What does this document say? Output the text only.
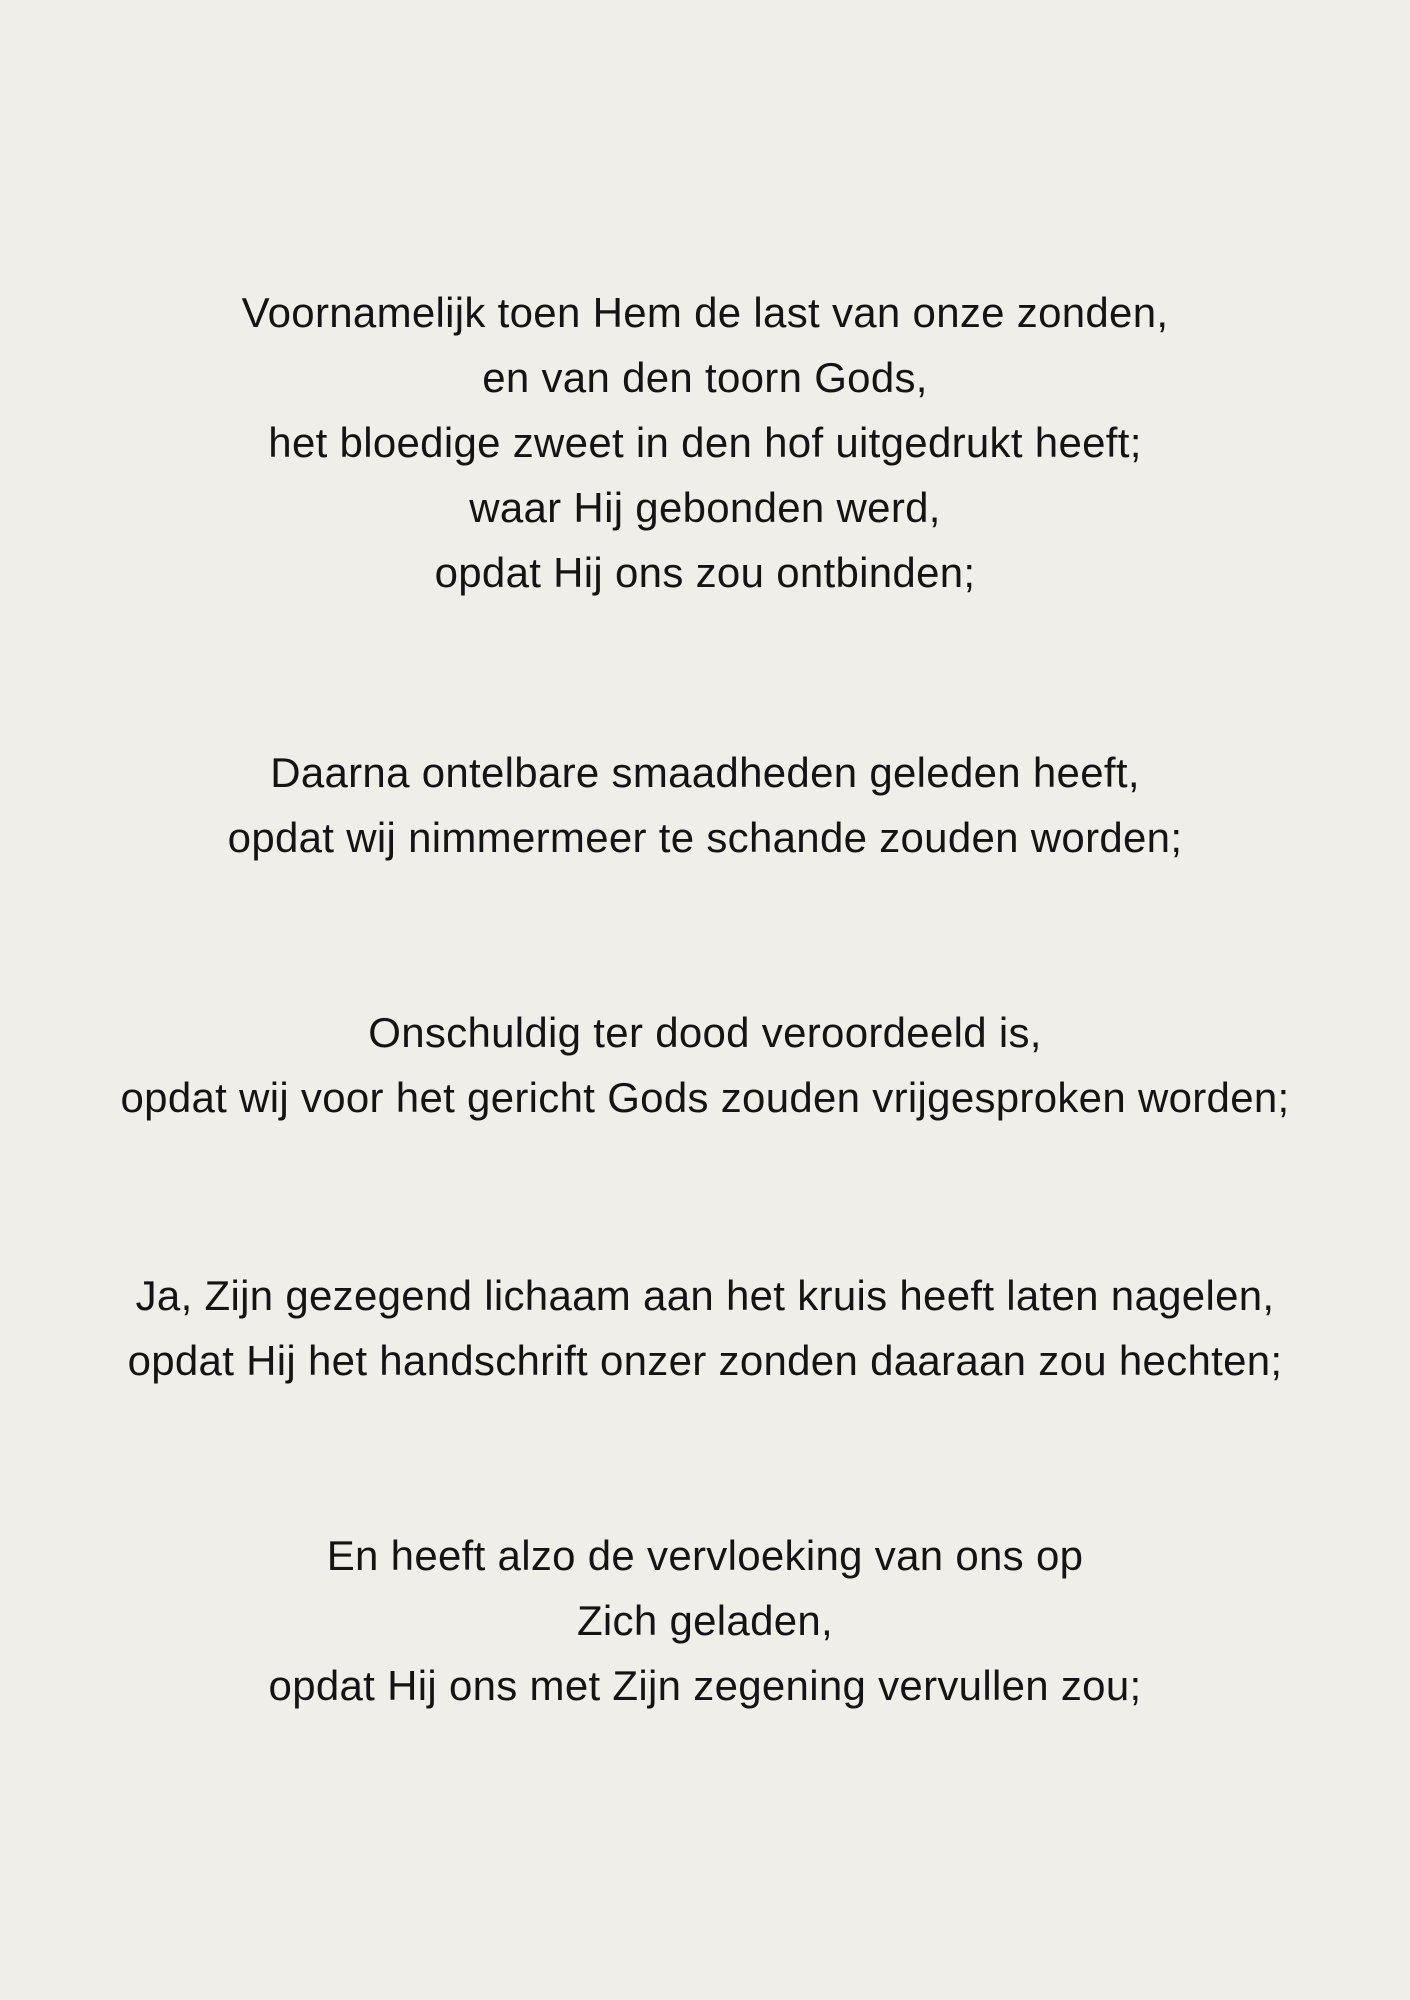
Voornamelijk toen Hem de last van onze zonden,
en van den toorn Gods,
het bloedige zweet in den hof uitgedrukt heeft;
waar Hij gebonden werd,
opdat Hij ons zou ontbinden;
Daarna ontelbare smaadheden geleden heeft,
opdat wij nimmermeer te schande zouden worden;
Onschuldig ter dood veroordeeld is,
opdat wij voor het gericht Gods zouden vrijgesproken worden;
Ja, Zijn gezegend lichaam aan het kruis heeft laten nagelen,
opdat Hij het handschrift onzer zonden daaraan zou hechten;
En heeft alzo de vervloeking van ons op
Zich geladen,
opdat Hij ons met Zijn zegening vervullen zou;
